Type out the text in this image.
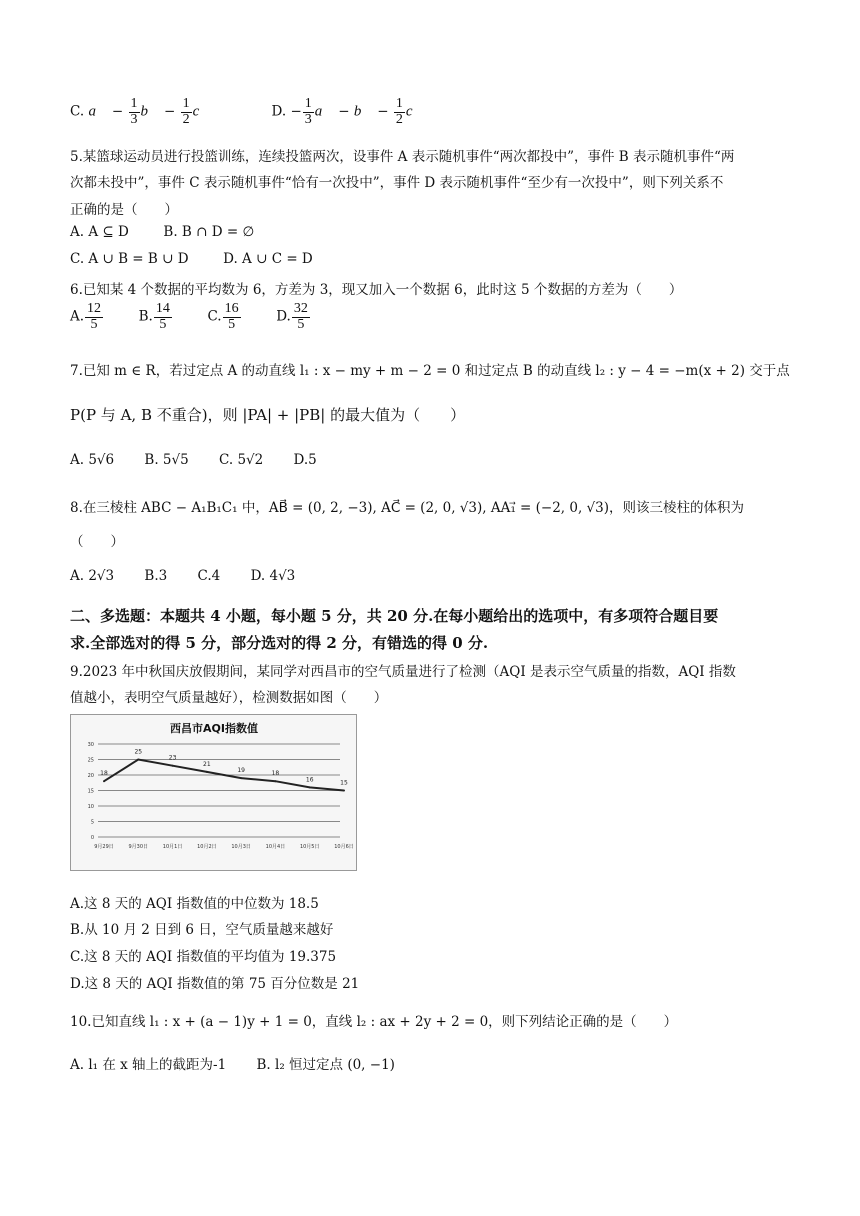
C. a⃗ − $\frac{1}{3}$ b⃗ − $\frac{1}{2}$ c⃗	D. − $\frac{1}{3}$ a⃗ − b⃗ − $\frac{1}{2}$ c⃗
5.某篮球运动员进行投篮训练，连续投篮两次，设事件 A 表示随机事件“两次都投中”，事件 B 表示随机事件“两
次都未投中”，事件 C 表示随机事件“恰有一次投中”，事件 D 表示随机事件“至少有一次投中”，则下列关系不
正确的是（　　）
A. A ⊆ D	B. B ∩ D = ∅
C. A ∪ B = B ∪ D	D. A ∪ C = D
6.已知某 4 个数据的平均数为 6，方差为 3，现又加入一个数据 6，此时这 5 个数据的方差为（　　）
A. $\frac{12}{5}$	B. $\frac{14}{5}$	C. $\frac{16}{5}$	D. $\frac{32}{5}$
7.已知 m ∈ R，若过定点 A 的动直线 l₁ : x − my + m − 2 = 0 和过定点 B 的动直线 l₂ : y − 4 = −m(x + 2) 交于点
P(P 与 A, B 不重合)，则 |PA| + |PB| 的最大值为（　　）
A. 5√6 B. 5√5 C. 5√2 D.5
8.在三棱柱 ABC − A₁B₁C₁ 中，AB⃗ = (0, 2, −3), AC⃗ = (2, 0, √3), AA₁⃗ = (−2, 0, √3)，则该三棱柱的体积为
（　　）
A. 2√3 B.3 C.4 D. 4√3
二、多选题：本题共 4 小题，每小题 5 分，共 20 分.在每小题给出的选项中，有多项符合题目要
求.全部选对的得 5 分，部分选对的得 2 分，有错选的得 0 分.
9.2023 年中秋国庆放假期间，某同学对西昌市的空气质量进行了检测（AQI 是表示空气质量的指数，AQI 指数
值越小，表明空气质量越好），检测数据如图（　　）
0
5
10
15
20
25
30
9月29日	9月30日	10月1日	10月2日	10月3日	10月4日	10月5日	10月6日
18
25
23
21
19	18
16	15
西昌市AQI指数值
A.这 8 天的 AQI 指数值的中位数为 18.5
B.从 10 月 2 日到 6 日，空气质量越来越好
C.这 8 天的 AQI 指数值的平均值为 19.375
D.这 8 天的 AQI 指数值的第 75 百分位数是 21
10.已知直线 l₁ : x + (a − 1)y + 1 = 0，直线 l₂ : ax + 2y + 2 = 0，则下列结论正确的是（　　）
A. l₁ 在 x 轴上的截距为-1 B. l₂ 恒过定点 (0, −1)
